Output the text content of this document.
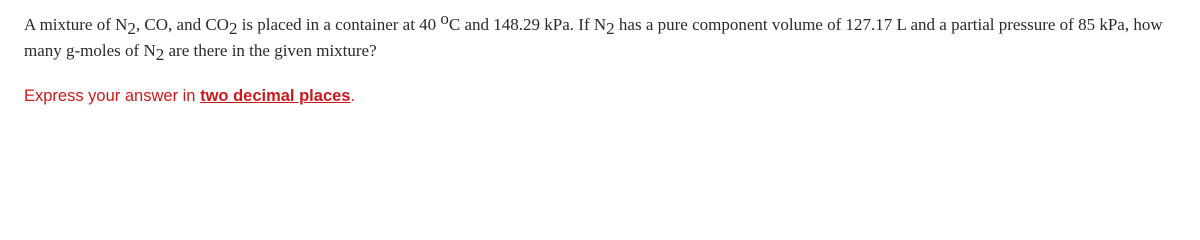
A mixture of $N_2$, CO, and $CO_2$ is placed in a container at 40 $^o$C and 148.29 kPa. If $N_2$ has a pure component volume of 127.17 L and a partial pressure of 85 kPa, how many g-moles of $N_2$ are there in the given mixture?
Express your answer in two decimal places.
